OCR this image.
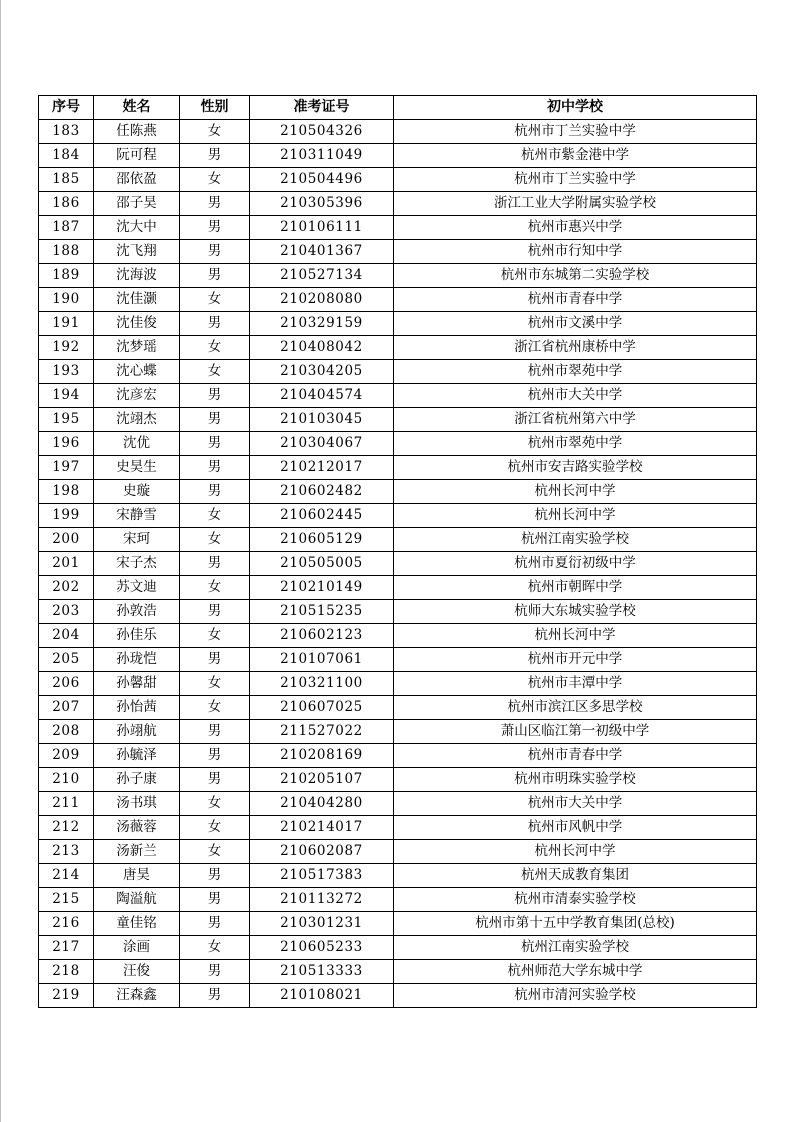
序号	姓名	性别	准考证号	初中学校
183	任陈燕	女	210504326	杭州市丁兰实验中学
184	阮可程	男	210311049	杭州市紫金港中学
185	邵依盈	女	210504496	杭州市丁兰实验中学
186	邵子昊	男	210305396	浙江工业大学附属实验学校
187	沈大中	男	210106111	杭州市惠兴中学
188	沈飞翔	男	210401367	杭州市行知中学
189	沈海波	男	210527134	杭州市东城第二实验学校
190	沈佳灏	女	210208080	杭州市青春中学
191	沈佳俊	男	210329159	杭州市文溪中学
192	沈梦瑶	女	210408042	浙江省杭州康桥中学
193	沈心蝶	女	210304205	杭州市翠苑中学
194	沈彦宏	男	210404574	杭州市大关中学
195	沈翊杰	男	210103045	浙江省杭州第六中学
196	沈优	男	210304067	杭州市翠苑中学
197	史昊生	男	210212017	杭州市安吉路实验学校
198	史璇	男	210602482	杭州长河中学
199	宋静雪	女	210602445	杭州长河中学
200	宋珂	女	210605129	杭州江南实验学校
201	宋子杰	男	210505005	杭州市夏衍初级中学
202	苏文迪	女	210210149	杭州市朝晖中学
203	孙敦浩	男	210515235	杭师大东城实验学校
204	孙佳乐	女	210602123	杭州长河中学
205	孙珑恺	男	210107061	杭州市开元中学
206	孙馨甜	女	210321100	杭州市丰潭中学
207	孙怡茜	女	210607025	杭州市滨江区多思学校
208	孙翊航	男	211527022	萧山区临江第一初级中学
209	孙毓泽	男	210208169	杭州市青春中学
210	孙子康	男	210205107	杭州市明珠实验学校
211	汤书琪	女	210404280	杭州市大关中学
212	汤薇蓉	女	210214017	杭州市风帆中学
213	汤新兰	女	210602087	杭州长河中学
214	唐昊	男	210517383	杭州天成教育集团
215	陶溢航	男	210113272	杭州市清泰实验学校
216	童佳铭	男	210301231	杭州市第十五中学教育集团(总校)
217	涂画	女	210605233	杭州江南实验学校
218	汪俊	男	210513333	杭州师范大学东城中学
219	汪森鑫	男	210108021	杭州市清河实验学校
